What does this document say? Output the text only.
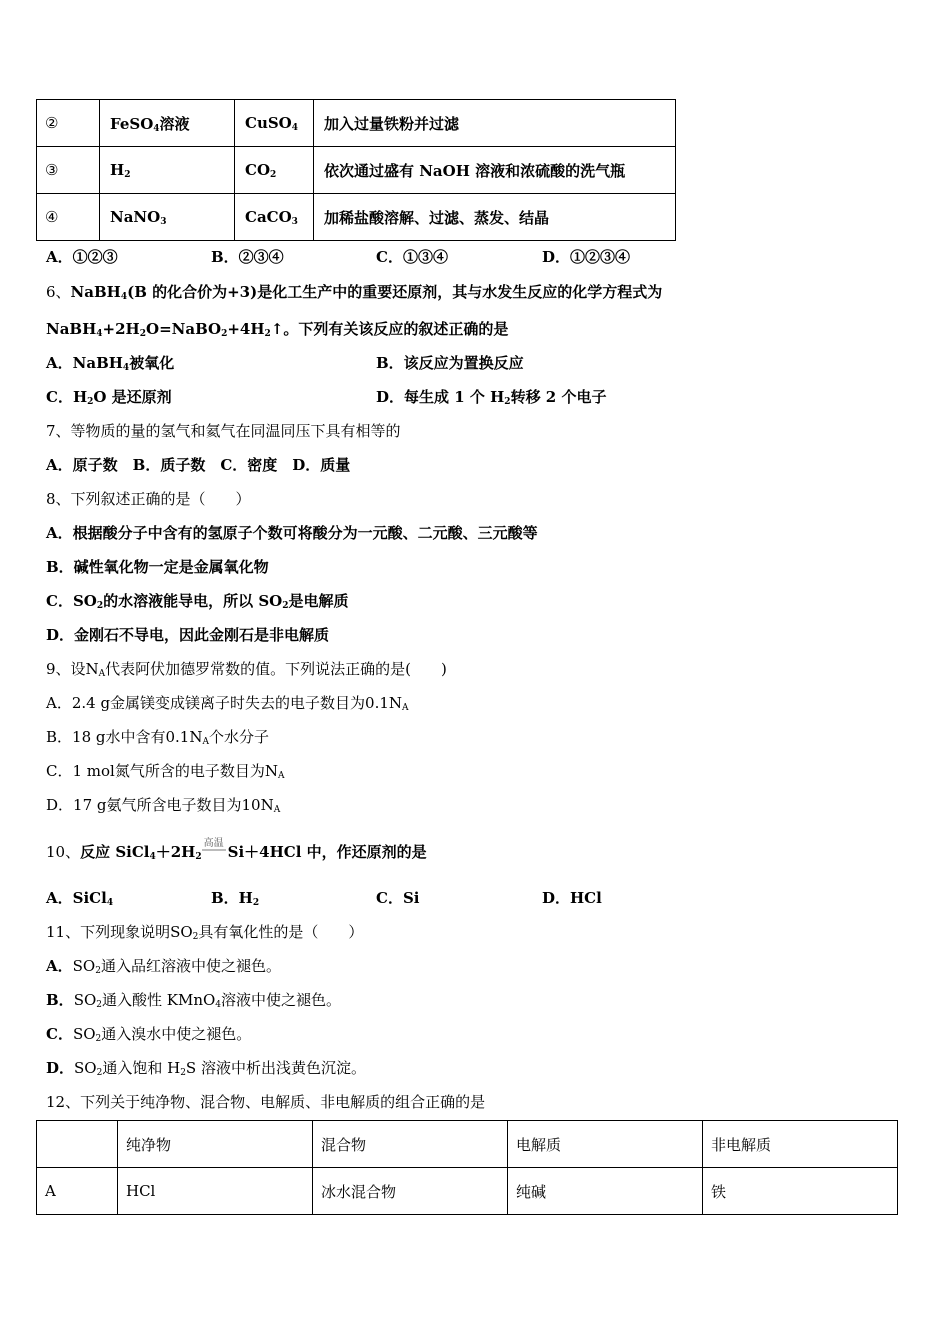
②	FeSO$_4$溶液	CuSO$_4$	加入过量铁粉并过滤
③	$H_2$	$CO_2$	依次通过盛有 NaOH 溶液和浓硫酸的洗气瓶
④	NaNO$_3$	CaCO$_3$	加稀盐酸溶解、过滤、蒸发、结晶
A．①②③	B．②③④	C．①③④	D．①②③④
6、NaBH$_4$(B 的化合价为+3)是化工生产中的重要还原剂，其与水发生反应的化学方程式为
$NaBH_4+2H_2O=NaBO_2+4H_2↑$。下列有关该反应的叙述正确的是
A．NaBH$_4$被氧化	B．该反应为置换反应
C．$H_2O$ 是还原剂	D．每生成 1 个 $H_2$转移 2 个电子
7、等物质的量的氢气和氦气在同温同压下具有相等的
A．原子数　B．质子数　C．密度　D．质量
8、下列叙述正确的是（　　）
A．根据酸分子中含有的氢原子个数可将酸分为一元酸、二元酸、三元酸等
B．碱性氧化物一定是金属氧化物
C．$SO_2$的水溶液能导电，所以 $SO_2$是电解质
D．金刚石不导电，因此金刚石是非电解质
9、设$N_A$代表阿伏加德罗常数的值。下列说法正确的是(　　)
A．2.4 g金属镁变成镁离子时失去的电子数目为$0.1N_A$
B．18 g水中含有$0.1N_A$个水分子
C．1 mol氮气所含的电子数目为$N_A$
D．17 g氨气所含电子数目为$10N_A$
10、反应 $SiCl_4+2H_2$
高温 Si＋4HCl 中，作还原剂的是
A．SiCl$_4$	B．$H_2$	C．Si	D．HCl
11、下列现象说明$SO_2$具有氧化性的是（　　）
A．$SO_2$通入品红溶液中使之褪色。
B．$SO_2$通入酸性 KMnO$_4$溶液中使之褪色。
C．$SO_2$通入溴水中使之褪色。
D．$SO_2$通入饱和 $H_2S$ 溶液中析出浅黄色沉淀。
12、下列关于纯净物、混合物、电解质、非电解质的组合正确的是
	纯净物	混合物	电解质	非电解质
A	HCl	冰水混合物	纯碱	铁
